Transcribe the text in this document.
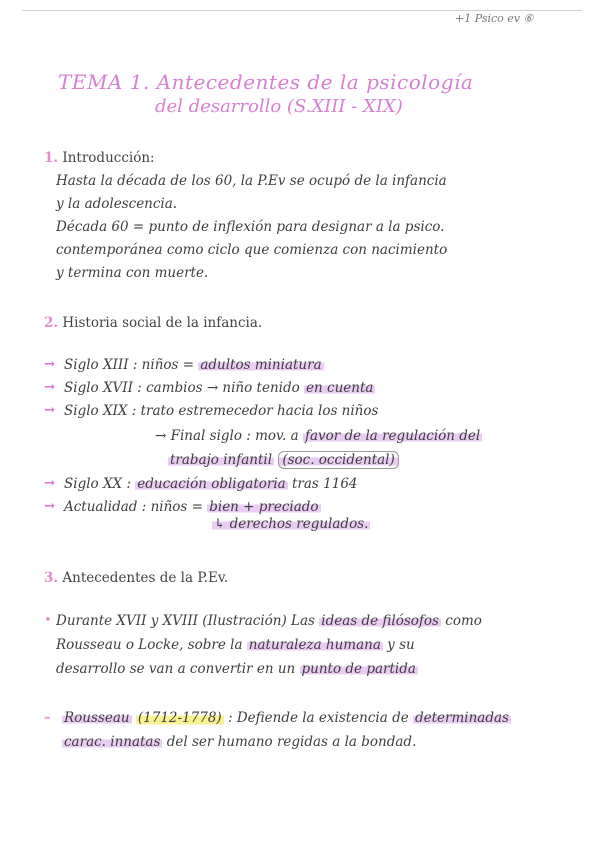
+1 Psico ev ⑥
TEMA 1. Antecedentes de la psicología
del desarrollo (S.XIII - XIX)
1. Introducción:
Hasta la década de los 60, la P.Ev se ocupó de la infancia
y la adolescencia.
Década 60 = punto de inflexión para designar a la psico.
contemporánea como ciclo que comienza con nacimiento
y termina con muerte.
2. Historia social de la infancia.
→ Siglo XIII : niños = adultos miniatura
→ Siglo XVII : cambios → niño tenido en cuenta
→ Siglo XIX : trato estremecedor hacia los niños
→ Final siglo : mov. a favor de la regulación del
trabajo infantil (soc. occidental)
→ Siglo XX : educación obligatoria tras 1164
→ Actualidad : niños = bien + preciado
↳ derechos regulados.
3. Antecedentes de la P.Ev.
• Durante XVII y XVIII (Ilustración) Las ideas de filósofos como
Rousseau o Locke, sobre la naturaleza humana y su
desarrollo se van a convertir en un punto de partida
– Rousseau (1712-1778) : Defiende la existencia de determinadas
carac. innatas del ser humano regidas a la bondad.
